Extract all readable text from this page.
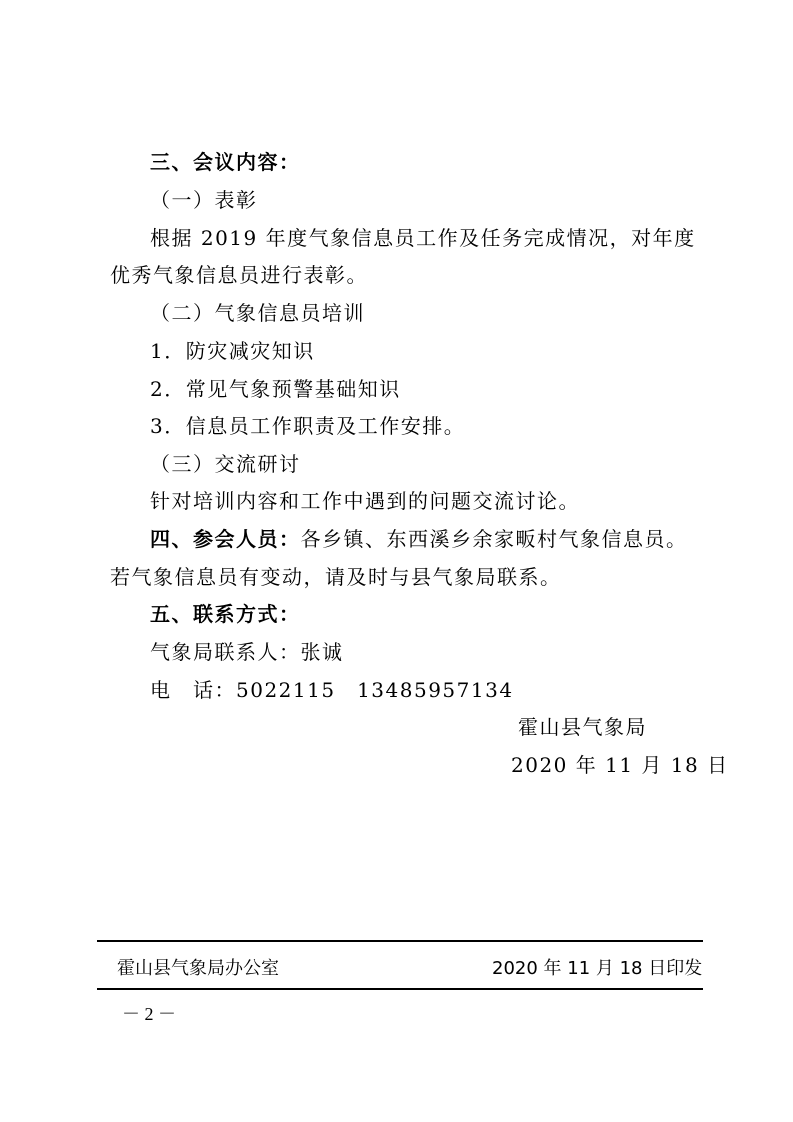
三、会议内容：
（一）表彰
根据 2019 年度气象信息员工作及任务完成情况，对年度
优秀气象信息员进行表彰。
（二）气象信息员培训
1．防灾减灾知识
2．常见气象预警基础知识
3．信息员工作职责及工作安排。
（三）交流研讨
针对培训内容和工作中遇到的问题交流讨论。
四、参会人员：各乡镇、东西溪乡余家畈村气象信息员。
若气象信息员有变动，请及时与县气象局联系。
五、联系方式：
气象局联系人：张诚
电　话：5022115　13485957134
霍山县气象局
2020 年 11 月 18 日
霍山县气象局办公室	2020 年 11 月 18 日印发
－ 2 －
